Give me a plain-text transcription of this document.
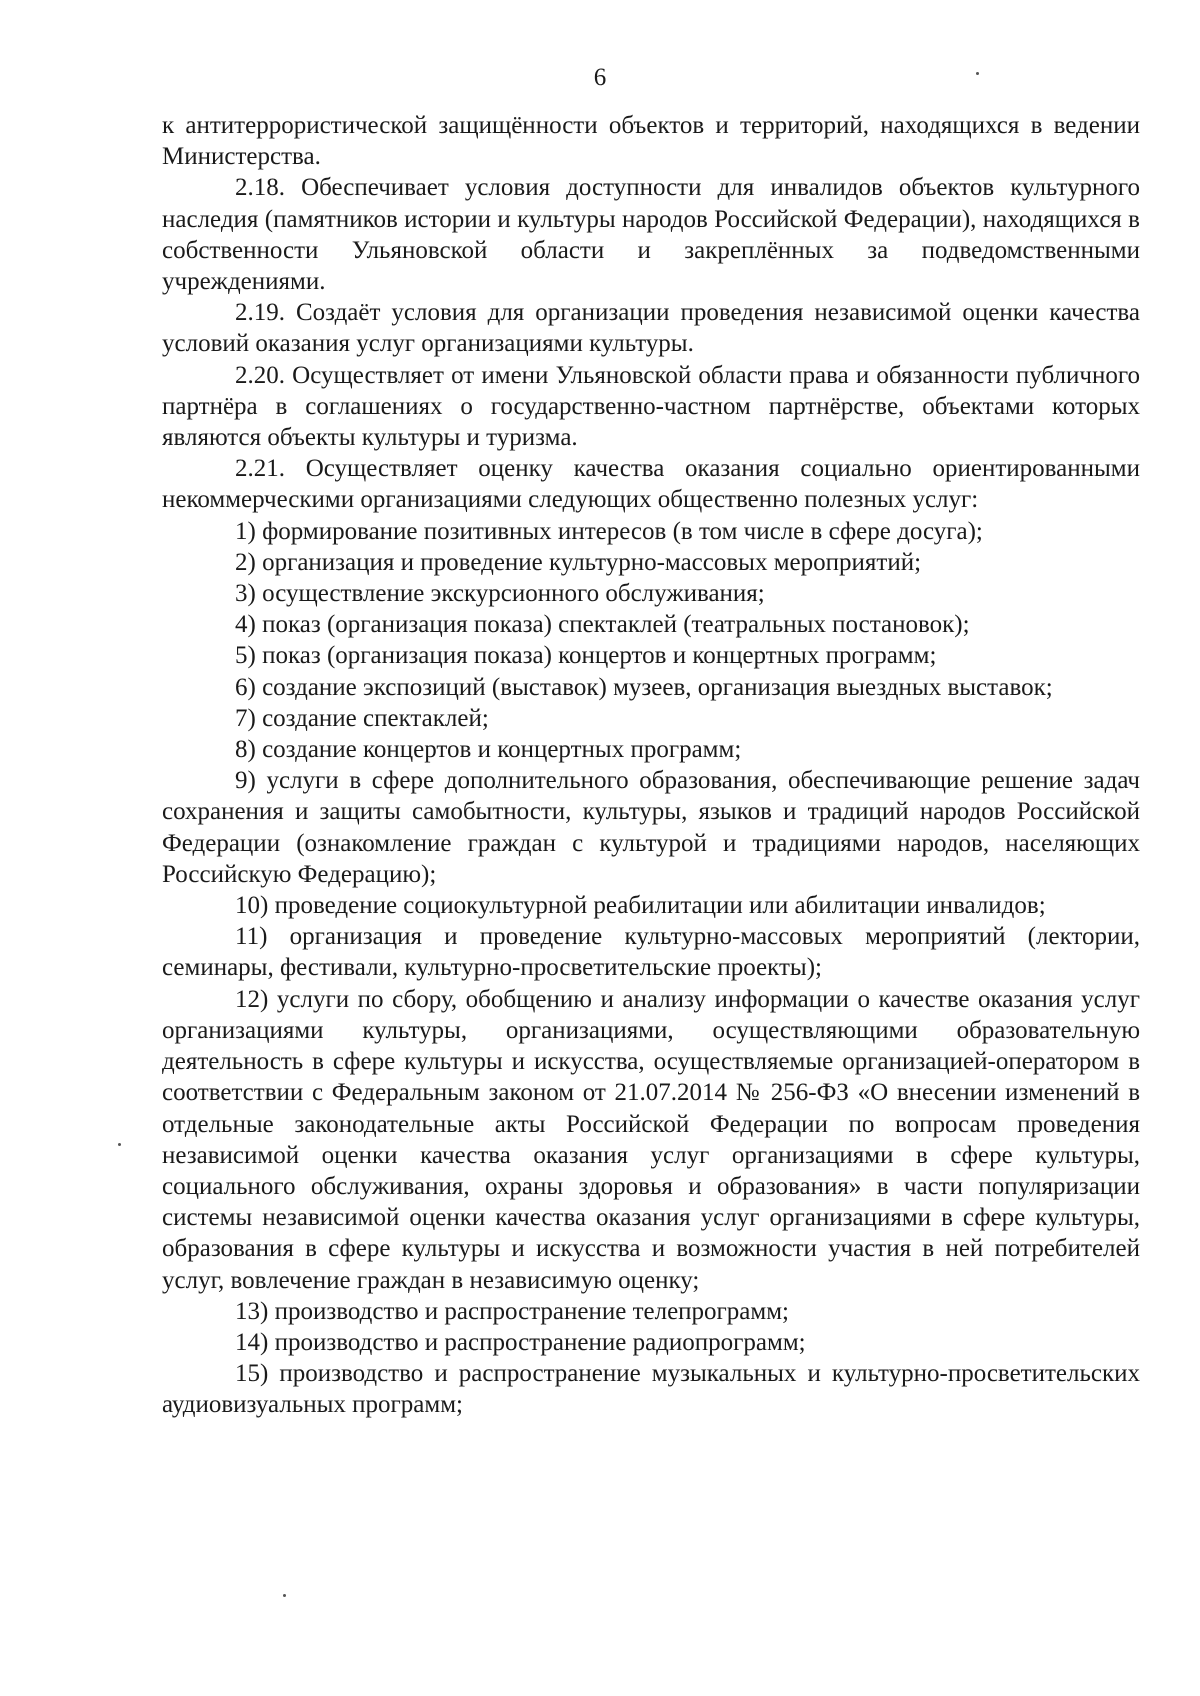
6

к антитеррористической защищённости объектов и территорий, находящихся в ведении Министерства.

2.18. Обеспечивает условия доступности для инвалидов объектов культурного наследия (памятников истории и культуры народов Российской Федерации), находящихся в собственности Ульяновской области и закреплённых за подведомственными учреждениями.

2.19. Создаёт условия для организации проведения независимой оценки качества условий оказания услуг организациями культуры.

2.20. Осуществляет от имени Ульяновской области права и обязанности публичного партнёра в соглашениях о государственно-частном партнёрстве, объектами которых являются объекты культуры и туризма.

2.21. Осуществляет оценку качества оказания социально ориентированными некоммерческими организациями следующих общественно полезных услуг:

1) формирование позитивных интересов (в том числе в сфере досуга);

2) организация и проведение культурно-массовых мероприятий;

3) осуществление экскурсионного обслуживания;

4) показ (организация показа) спектаклей (театральных постановок);

5) показ (организация показа) концертов и концертных программ;

6) создание экспозиций (выставок) музеев, организация выездных выставок;

7) создание спектаклей;

8) создание концертов и концертных программ;

9) услуги в сфере дополнительного образования, обеспечивающие решение задач сохранения и защиты самобытности, культуры, языков и традиций народов Российской Федерации (ознакомление граждан с культурой и традициями народов, населяющих Российскую Федерацию);

10) проведение социокультурной реабилитации или абилитации инвалидов;

11) организация и проведение культурно-массовых мероприятий (лектории, семинары, фестивали, культурно-просветительские проекты);

12) услуги по сбору, обобщению и анализу информации о качестве оказания услуг организациями культуры, организациями, осуществляющими образовательную деятельность в сфере культуры и искусства, осуществляемые организацией-оператором в соответствии с Федеральным законом от 21.07.2014 № 256-ФЗ «О внесении изменений в отдельные законодательные акты Российской Федерации по вопросам проведения независимой оценки качества оказания услуг организациями в сфере культуры, социального обслуживания, охраны здоровья и образования» в части популяризации системы независимой оценки качества оказания услуг организациями в сфере культуры, образования в сфере культуры и искусства и возможности участия в ней потребителей услуг, вовлечение граждан в независимую оценку;

13) производство и распространение телепрограмм;

14) производство и распространение радиопрограмм;

15) производство и распространение музыкальных и культурно-просветительских аудиовизуальных программ;
